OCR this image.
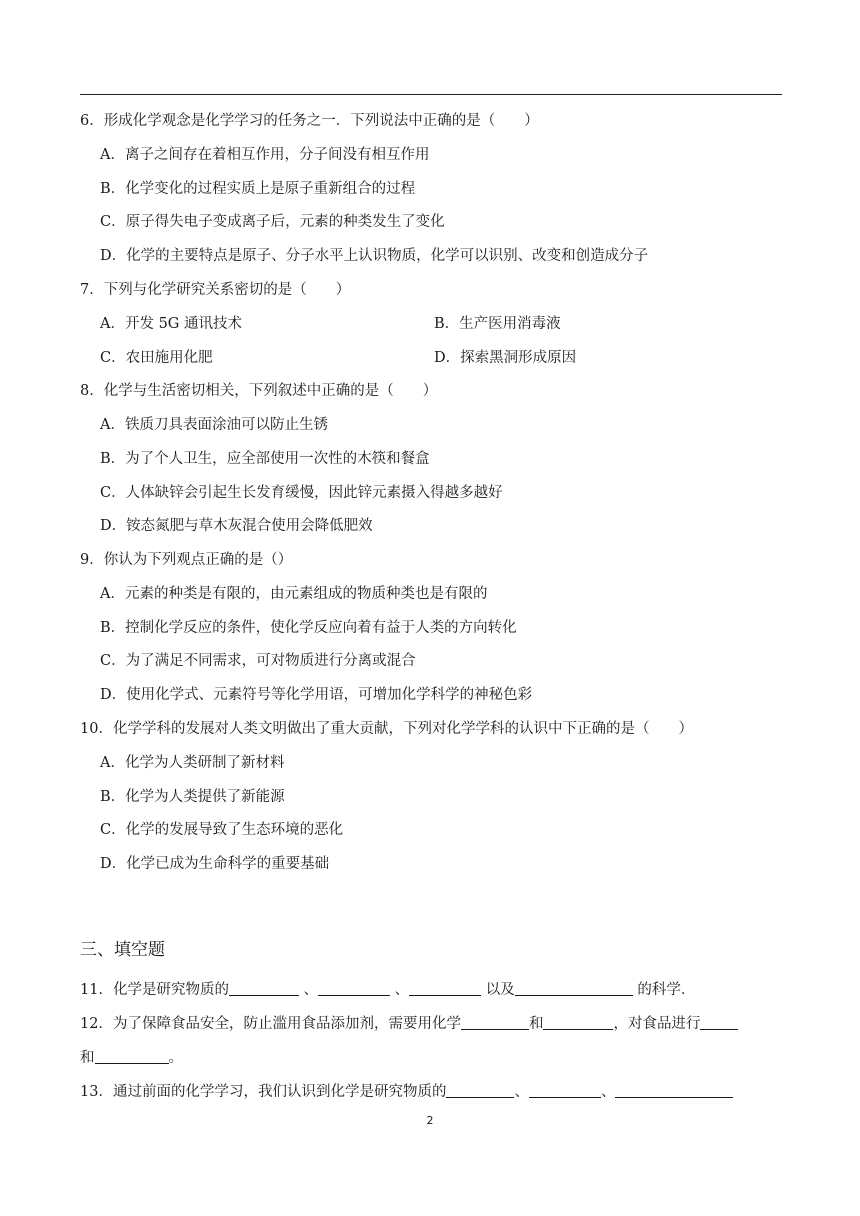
6．形成化学观念是化学学习的任务之一．下列说法中正确的是（　　）
A．离子之间存在着相互作用，分子间没有相互作用
B．化学变化的过程实质上是原子重新组合的过程
C．原子得失电子变成离子后，元素的种类发生了变化
D．化学的主要特点是原子、分子水平上认识物质，化学可以识别、改变和创造成分子
7．下列与化学研究关系密切的是（　　）
A．开发 5G 通讯技术	B．生产医用消毒液
C．农田施用化肥	D．探索黑洞形成原因
8．化学与生活密切相关，下列叙述中正确的是（　　）
A．铁质刀具表面涂油可以防止生锈
B．为了个人卫生，应全部使用一次性的木筷和餐盒
C．人体缺锌会引起生长发育缓慢，因此锌元素摄入得越多越好
D．铵态氮肥与草木灰混合使用会降低肥效
9．你认为下列观点正确的是（）
A．元素的种类是有限的，由元素组成的物质种类也是有限的
B．控制化学反应的条件，使化学反应向着有益于人类的方向转化
C．为了满足不同需求，可对物质进行分离或混合
D．使用化学式、元素符号等化学用语，可增加化学科学的神秘色彩
10．化学学科的发展对人类文明做出了重大贡献，下列对化学学科的认识中下正确的是（　　）
A．化学为人类研制了新材料
B．化学为人类提供了新能源
C．化学的发展导致了生态环境的恶化
D．化学已成为生命科学的重要基础
三、填空题
11．化学是研究物质的	、	、	以及	的科学．
12．为了保障食品安全，防止滥用食品添加剂，需要用化学	和	，对食品进行
和	。
13．通过前面的化学学习，我们认识到化学是研究物质的	、	、
2
